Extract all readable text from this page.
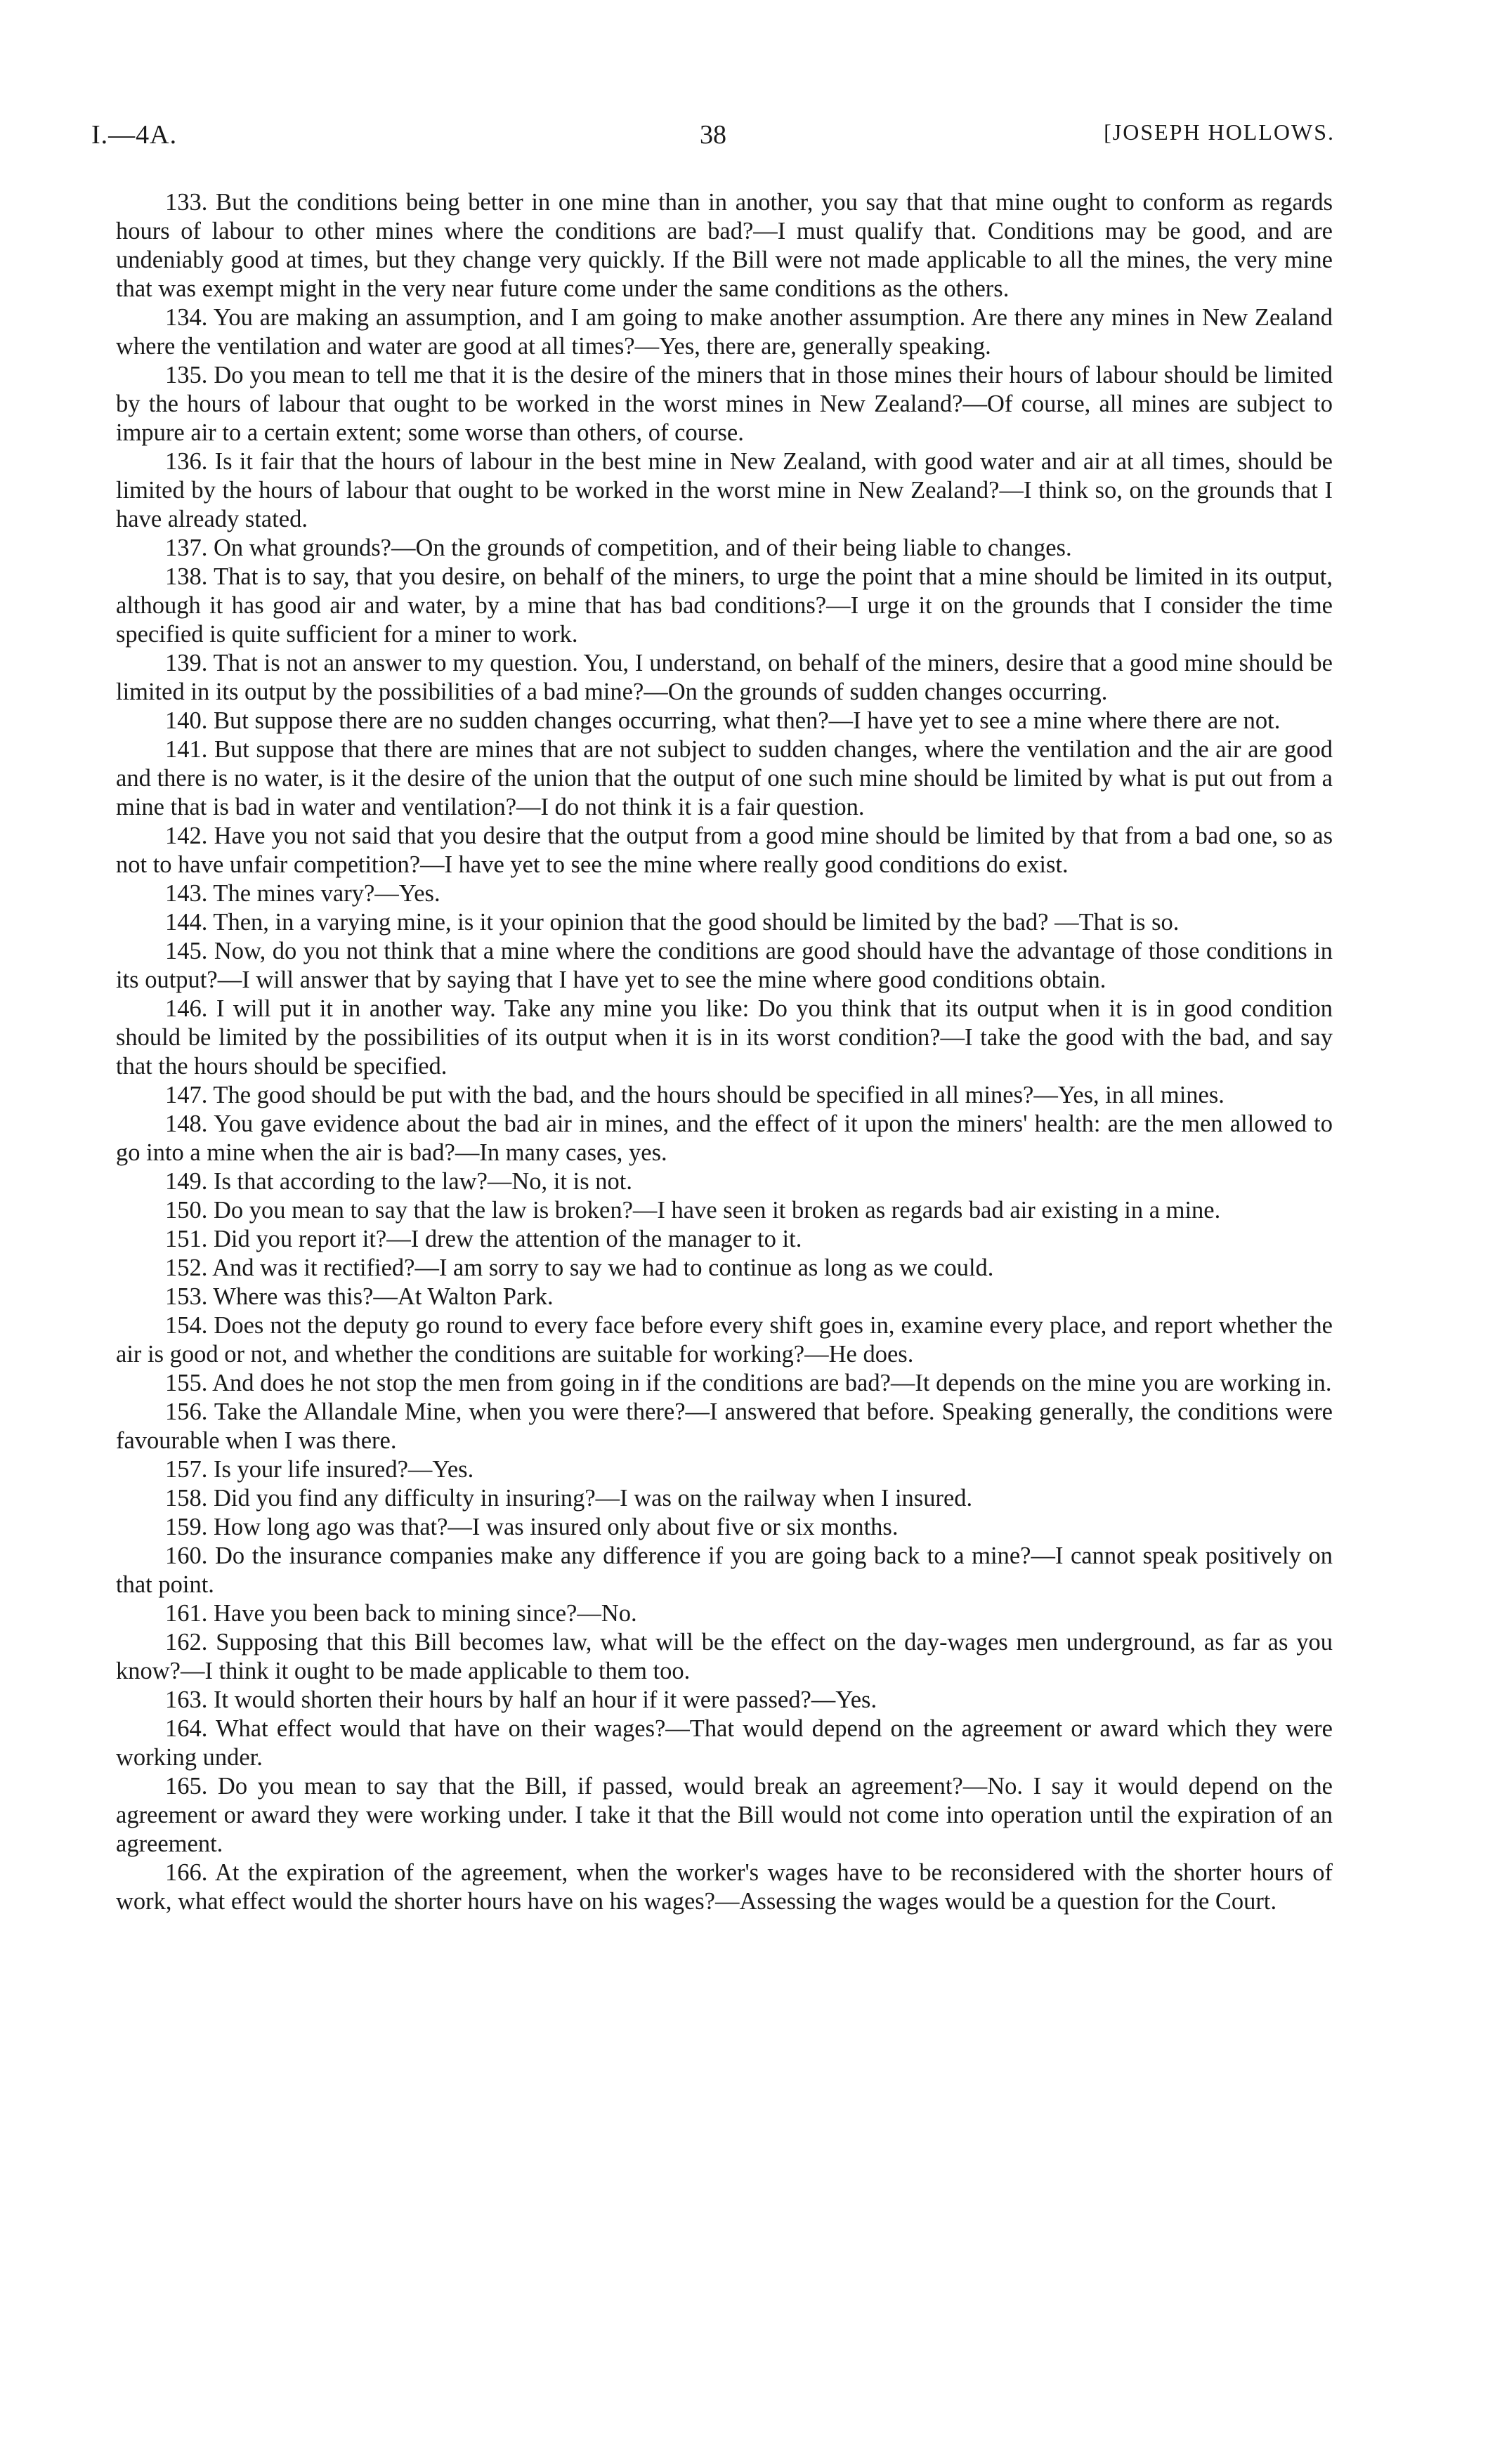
I.—4A.	38	[JOSEPH HOLLOWS.

133. But the conditions being better in one mine than in another, you say that that mine ought to conform as regards hours of labour to other mines where the conditions are bad?—I must qualify that. Conditions may be good, and are undeniably good at times, but they change very quickly. If the Bill were not made applicable to all the mines, the very mine that was exempt might in the very near future come under the same conditions as the others.

134. You are making an assumption, and I am going to make another assumption. Are there any mines in New Zealand where the ventilation and water are good at all times?—Yes, there are, generally speaking.

135. Do you mean to tell me that it is the desire of the miners that in those mines their hours of labour should be limited by the hours of labour that ought to be worked in the worst mines in New Zealand?—Of course, all mines are subject to impure air to a certain extent; some worse than others, of course.

136. Is it fair that the hours of labour in the best mine in New Zealand, with good water and air at all times, should be limited by the hours of labour that ought to be worked in the worst mine in New Zealand?—I think so, on the grounds that I have already stated.

137. On what grounds?—On the grounds of competition, and of their being liable to changes.

138. That is to say, that you desire, on behalf of the miners, to urge the point that a mine should be limited in its output, although it has good air and water, by a mine that has bad conditions?—I urge it on the grounds that I consider the time specified is quite sufficient for a miner to work.

139. That is not an answer to my question. You, I understand, on behalf of the miners, desire that a good mine should be limited in its output by the possibilities of a bad mine?—On the grounds of sudden changes occurring.

140. But suppose there are no sudden changes occurring, what then?—I have yet to see a mine where there are not.

141. But suppose that there are mines that are not subject to sudden changes, where the ventilation and the air are good and there is no water, is it the desire of the union that the output of one such mine should be limited by what is put out from a mine that is bad in water and ventilation?—I do not think it is a fair question.

142. Have you not said that you desire that the output from a good mine should be limited by that from a bad one, so as not to have unfair competition?—I have yet to see the mine where really good conditions do exist.

143. The mines vary?—Yes.

144. Then, in a varying mine, is it your opinion that the good should be limited by the bad? —That is so.

145. Now, do you not think that a mine where the conditions are good should have the advantage of those conditions in its output?—I will answer that by saying that I have yet to see the mine where good conditions obtain.

146. I will put it in another way. Take any mine you like: Do you think that its output when it is in good condition should be limited by the possibilities of its output when it is in its worst condition?—I take the good with the bad, and say that the hours should be specified.

147. The good should be put with the bad, and the hours should be specified in all mines?—Yes, in all mines.

148. You gave evidence about the bad air in mines, and the effect of it upon the miners' health: are the men allowed to go into a mine when the air is bad?—In many cases, yes.

149. Is that according to the law?—No, it is not.

150. Do you mean to say that the law is broken?—I have seen it broken as regards bad air existing in a mine.

151. Did you report it?—I drew the attention of the manager to it.

152. And was it rectified?—I am sorry to say we had to continue as long as we could.

153. Where was this?—At Walton Park.

154. Does not the deputy go round to every face before every shift goes in, examine every place, and report whether the air is good or not, and whether the conditions are suitable for working?—He does.

155. And does he not stop the men from going in if the conditions are bad?—It depends on the mine you are working in.

156. Take the Allandale Mine, when you were there?—I answered that before. Speaking generally, the conditions were favourable when I was there.

157. Is your life insured?—Yes.

158. Did you find any difficulty in insuring?—I was on the railway when I insured.

159. How long ago was that?—I was insured only about five or six months.

160. Do the insurance companies make any difference if you are going back to a mine?—I cannot speak positively on that point.

161. Have you been back to mining since?—No.

162. Supposing that this Bill becomes law, what will be the effect on the day-wages men underground, as far as you know?—I think it ought to be made applicable to them too.

163. It would shorten their hours by half an hour if it were passed?—Yes.

164. What effect would that have on their wages?—That would depend on the agreement or award which they were working under.

165. Do you mean to say that the Bill, if passed, would break an agreement?—No. I say it would depend on the agreement or award they were working under. I take it that the Bill would not come into operation until the expiration of an agreement.

166. At the expiration of the agreement, when the worker's wages have to be reconsidered with the shorter hours of work, what effect would the shorter hours have on his wages?—Assessing the wages would be a question for the Court.
